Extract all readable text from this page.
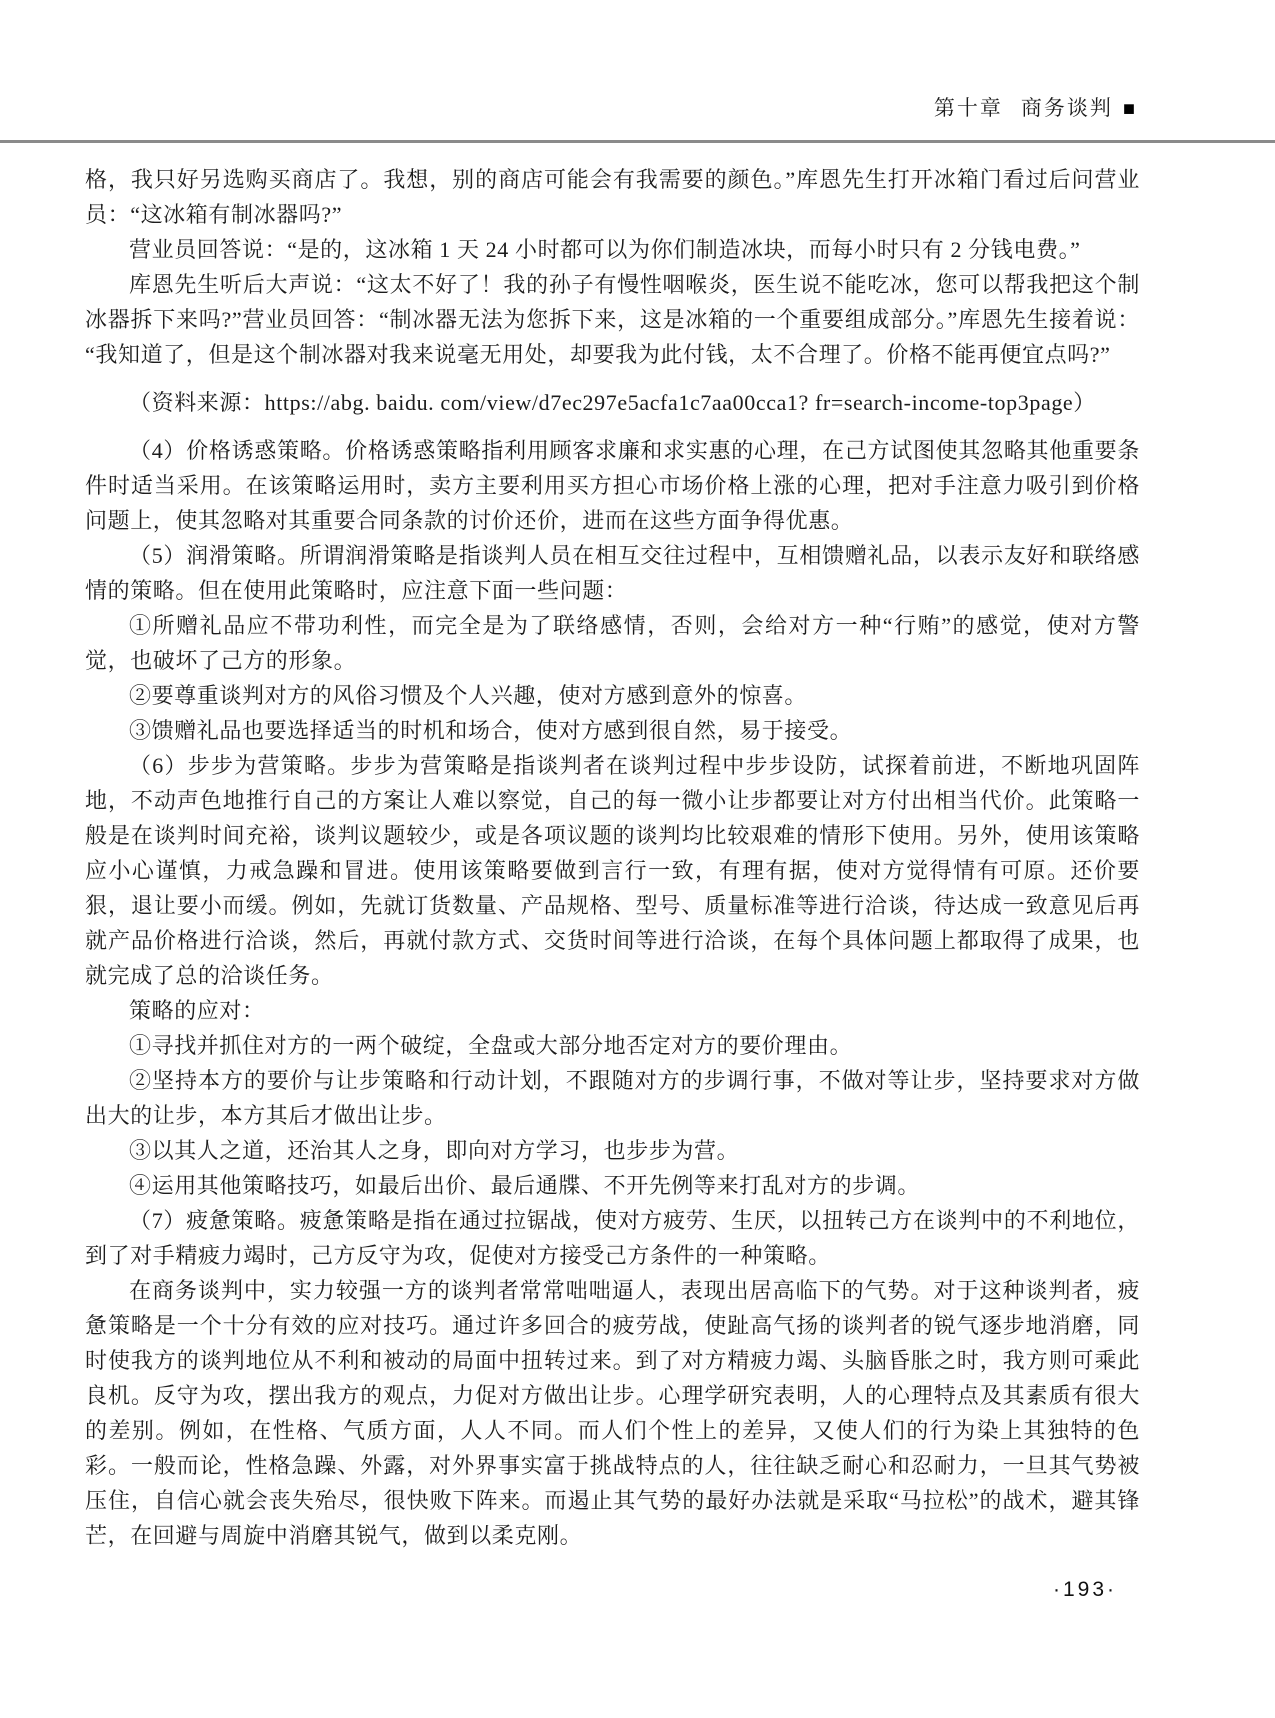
第十章 商务谈判 ■

格，我只好另选购买商店了。我想，别的商店可能会有我需要的颜色。”库恩先生打开冰箱门看过后问营业员：“这冰箱有制冰器吗?”

营业员回答说：“是的，这冰箱 1 天 24 小时都可以为你们制造冰块，而每小时只有 2 分钱电费。”

库恩先生听后大声说：“这太不好了！我的孙子有慢性咽喉炎，医生说不能吃冰，您可以帮我把这个制冰器拆下来吗?”营业员回答：“制冰器无法为您拆下来，这是冰箱的一个重要组成部分。”库恩先生接着说：“我知道了，但是这个制冰器对我来说毫无用处，却要我为此付钱，太不合理了。价格不能再便宜点吗?”

（资料来源：https://abg. baidu. com/view/d7ec297e5acfa1c7aa00cca1? fr=search-income-top3page）

（4）价格诱惑策略。价格诱惑策略指利用顾客求廉和求实惠的心理，在己方试图使其忽略其他重要条件时适当采用。在该策略运用时，卖方主要利用买方担心市场价格上涨的心理，把对手注意力吸引到价格问题上，使其忽略对其重要合同条款的讨价还价，进而在这些方面争得优惠。

（5）润滑策略。所谓润滑策略是指谈判人员在相互交往过程中，互相馈赠礼品，以表示友好和联络感情的策略。但在使用此策略时，应注意下面一些问题：

①所赠礼品应不带功利性，而完全是为了联络感情，否则，会给对方一种“行贿”的感觉，使对方警觉，也破坏了己方的形象。

②要尊重谈判对方的风俗习惯及个人兴趣，使对方感到意外的惊喜。

③馈赠礼品也要选择适当的时机和场合，使对方感到很自然，易于接受。

（6）步步为营策略。步步为营策略是指谈判者在谈判过程中步步设防，试探着前进，不断地巩固阵地，不动声色地推行自己的方案让人难以察觉，自己的每一微小让步都要让对方付出相当代价。此策略一般是在谈判时间充裕，谈判议题较少，或是各项议题的谈判均比较艰难的情形下使用。另外，使用该策略应小心谨慎，力戒急躁和冒进。使用该策略要做到言行一致，有理有据，使对方觉得情有可原。还价要狠，退让要小而缓。例如，先就订货数量、产品规格、型号、质量标准等进行洽谈，待达成一致意见后再就产品价格进行洽谈，然后，再就付款方式、交货时间等进行洽谈，在每个具体问题上都取得了成果，也就完成了总的洽谈任务。

策略的应对：

①寻找并抓住对方的一两个破绽，全盘或大部分地否定对方的要价理由。

②坚持本方的要价与让步策略和行动计划，不跟随对方的步调行事，不做对等让步，坚持要求对方做出大的让步，本方其后才做出让步。

③以其人之道，还治其人之身，即向对方学习，也步步为营。

④运用其他策略技巧，如最后出价、最后通牒、不开先例等来打乱对方的步调。

（7）疲惫策略。疲惫策略是指在通过拉锯战，使对方疲劳、生厌，以扭转己方在谈判中的不利地位，到了对手精疲力竭时，己方反守为攻，促使对方接受己方条件的一种策略。

在商务谈判中，实力较强一方的谈判者常常咄咄逼人，表现出居高临下的气势。对于这种谈判者，疲惫策略是一个十分有效的应对技巧。通过许多回合的疲劳战，使趾高气扬的谈判者的锐气逐步地消磨，同时使我方的谈判地位从不利和被动的局面中扭转过来。到了对方精疲力竭、头脑昏胀之时，我方则可乘此良机。反守为攻，摆出我方的观点，力促对方做出让步。心理学研究表明，人的心理特点及其素质有很大的差别。例如，在性格、气质方面，人人不同。而人们个性上的差异，又使人们的行为染上其独特的色彩。一般而论，性格急躁、外露，对外界事实富于挑战特点的人，往往缺乏耐心和忍耐力，一旦其气势被压住，自信心就会丧失殆尽，很快败下阵来。而遏止其气势的最好办法就是采取“马拉松”的战术，避其锋芒，在回避与周旋中消磨其锐气，做到以柔克刚。

·193·
